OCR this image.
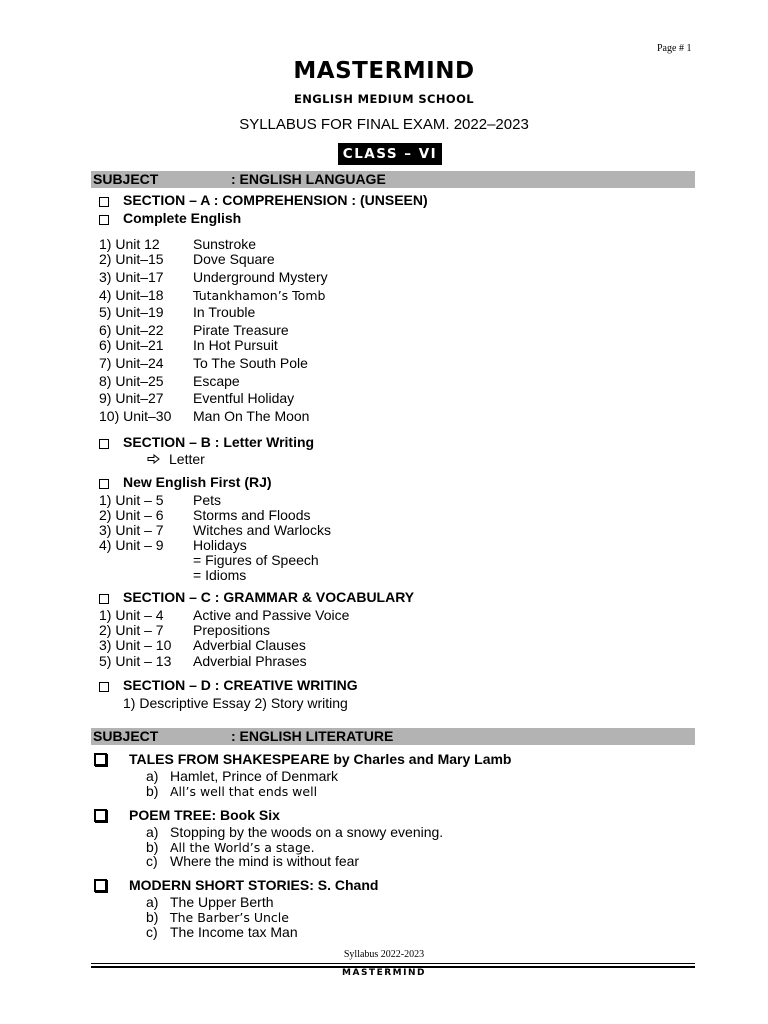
Page # 1
MASTERMIND
ENGLISH MEDIUM SCHOOL
SYLLABUS FOR FINAL EXAM. 2022–2023
CLASS – VI
SUBJECT	: ENGLISH LANGUAGE
SECTION – A : COMPREHENSION : (UNSEEN)
Complete English
1) Unit 12 Sunstroke
2) Unit–15 Dove Square
3) Unit–17 Underground Mystery
4) Unit–18 Tutankhamon’s Tomb
5) Unit–19 In Trouble
6) Unit–22 Pirate Treasure
6) Unit–21 In Hot Pursuit
7) Unit–24 To The South Pole
8) Unit–25 Escape
9) Unit–27 Eventful Holiday
10) Unit–30 Man On The Moon
SECTION – B : Letter Writing
Letter
New English First (RJ)
1) Unit – 5 Pets
2) Unit – 6 Storms and Floods
3) Unit – 7 Witches and Warlocks
4) Unit – 9 Holidays
= Figures of Speech
= Idioms
SECTION – C : GRAMMAR & VOCABULARY
1) Unit – 4 Active and Passive Voice
2) Unit – 7 Prepositions
3) Unit – 10 Adverbial Clauses
5) Unit – 13 Adverbial Phrases
SECTION – D : CREATIVE WRITING
1) Descriptive Essay 2) Story writing
SUBJECT	: ENGLISH LITERATURE
TALES FROM SHAKESPEARE by Charles and Mary Lamb
a) Hamlet, Prince of Denmark
b) All’s well that ends well
POEM TREE: Book Six
a) Stopping by the woods on a snowy evening.
b) All the World’s a stage.
c) Where the mind is without fear
MODERN SHORT STORIES: S. Chand
a) The Upper Berth
b) The Barber’s Uncle
c) The Income tax Man
Syllabus 2022-2023
MASTERMIND
